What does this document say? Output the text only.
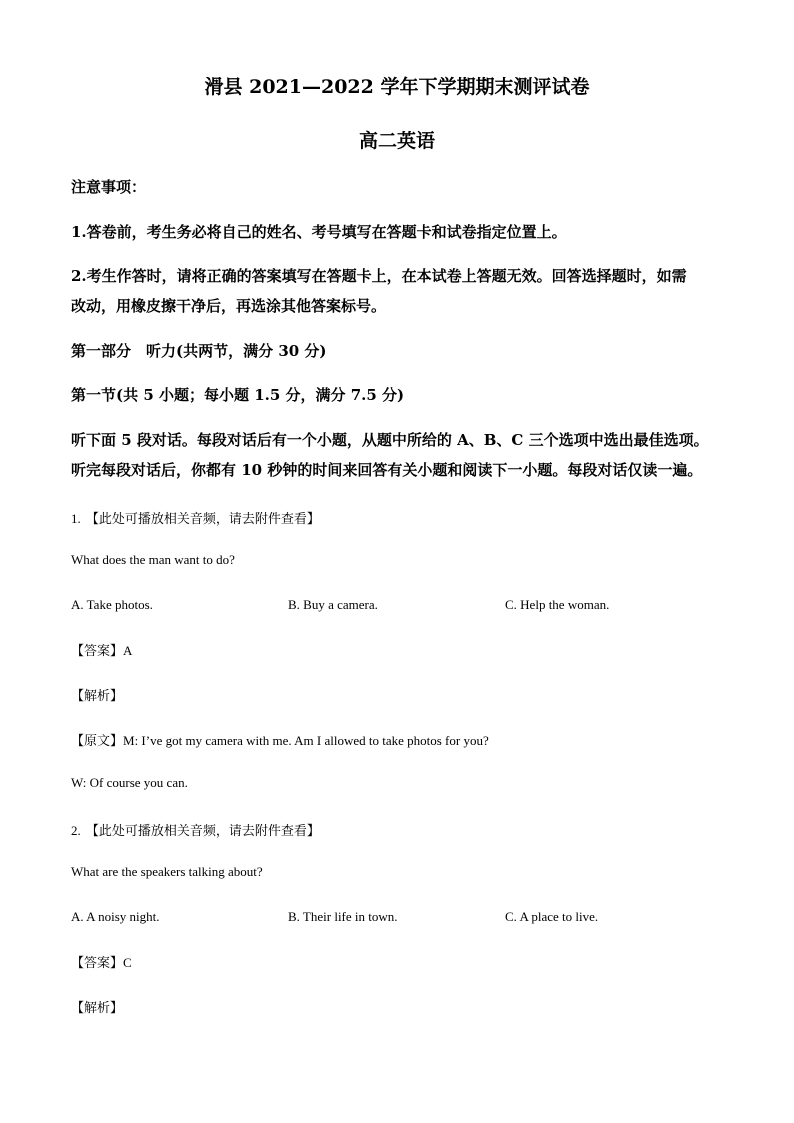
滑县 2021—2022 学年下学期期末测评试卷
高二英语
注意事项：
1.答卷前，考生务必将自己的姓名、考号填写在答题卡和试卷指定位置上。
2.考生作答时，请将正确的答案填写在答题卡上，在本试卷上答题无效。回答选择题时，如需
改动，用橡皮擦干净后，再选涂其他答案标号。
第一部分　听力(共两节，满分 30 分)
第一节(共 5 小题；每小题 1.5 分，满分 7.5 分)
听下面 5 段对话。每段对话后有一个小题，从题中所给的 A、B、C 三个选项中选出最佳选项。
听完每段对话后，你都有 10 秒钟的时间来回答有关小题和阅读下一小题。每段对话仅读一遍。
1. 【此处可播放相关音频，请去附件查看】
What does the man want to do?
A. Take photos.	B. Buy a camera.	C. Help the woman.
【答案】A
【解析】
【原文】M: I’ve got my camera with me. Am I allowed to take photos for you?
W: Of course you can.
2. 【此处可播放相关音频，请去附件查看】
What are the speakers talking about?
A. A noisy night.	B. Their life in town.	C. A place to live.
【答案】C
【解析】
